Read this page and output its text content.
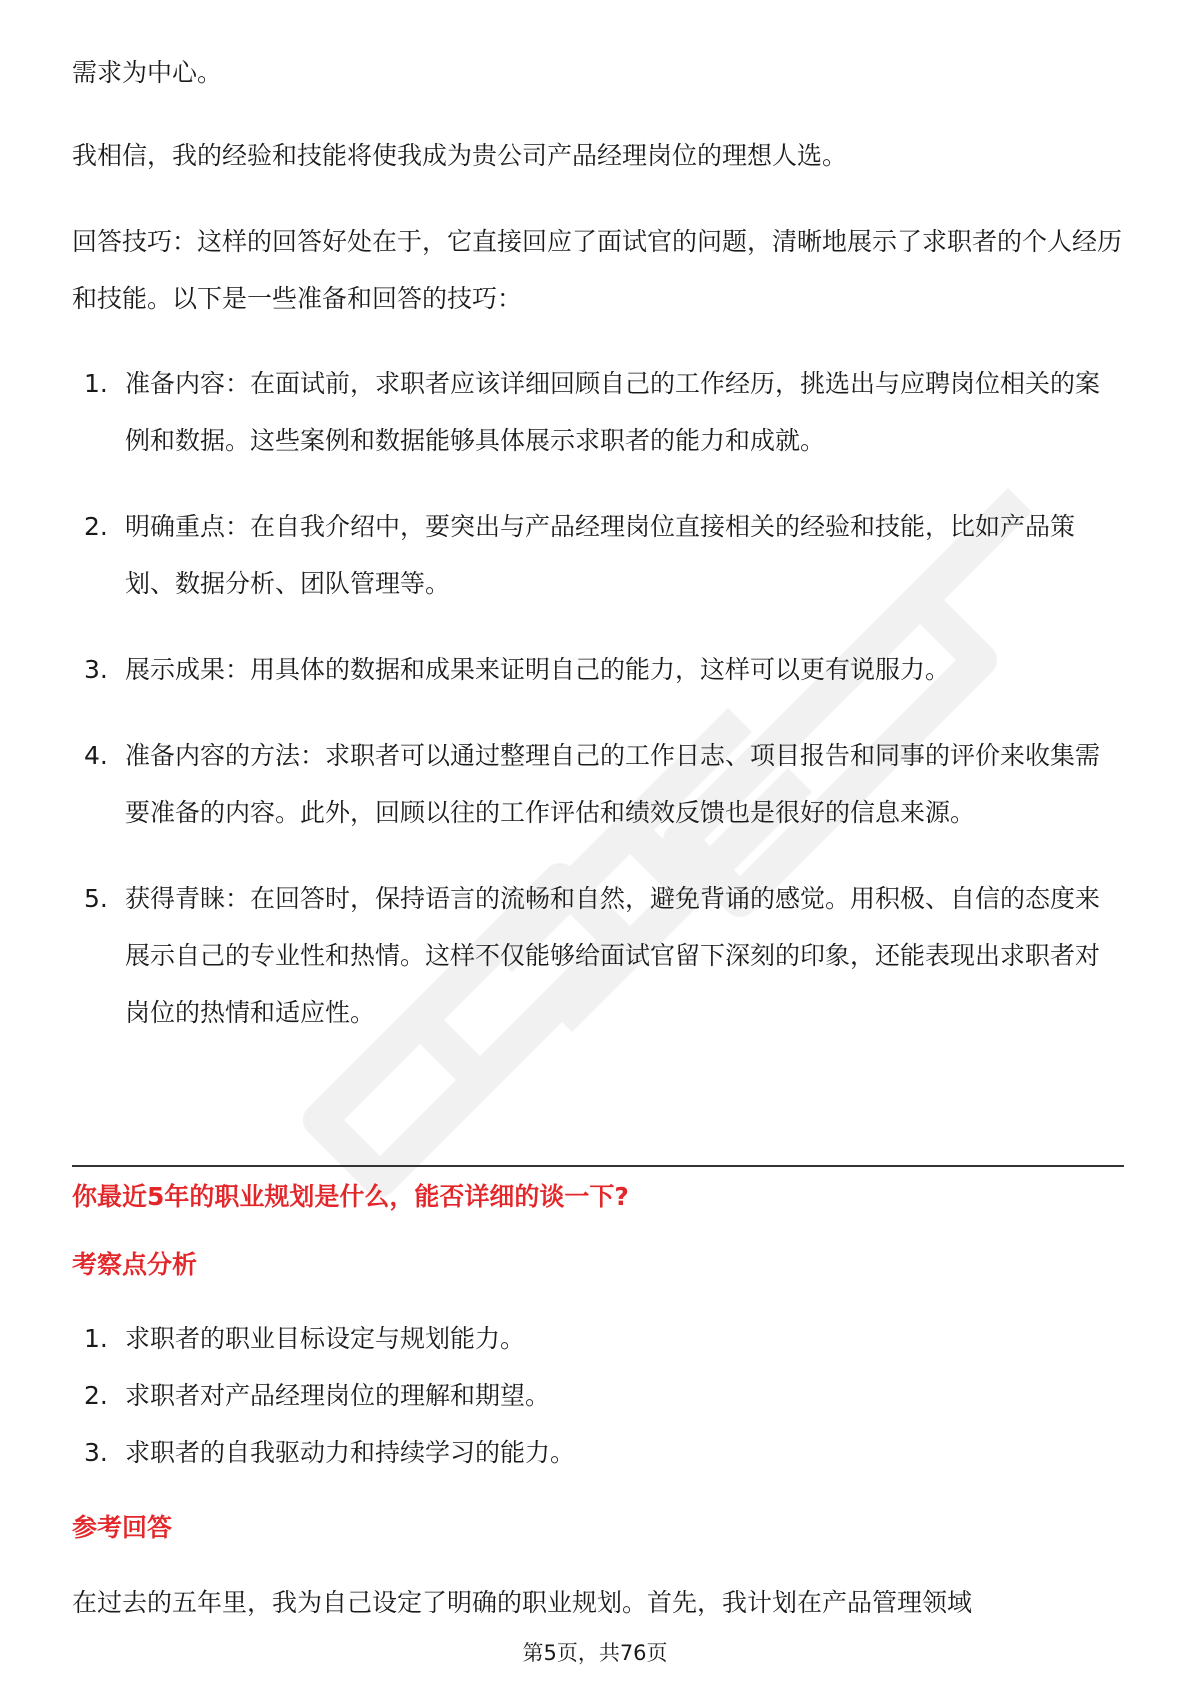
需求为中心。

我相信，我的经验和技能将使我成为贵公司产品经理岗位的理想人选。

回答技巧：这样的回答好处在于，它直接回应了面试官的问题，清晰地展示了求职者的个人经历和技能。以下是一些准备和回答的技巧：

1. 准备内容：在面试前，求职者应该详细回顾自己的工作经历，挑选出与应聘岗位相关的案例和数据。这些案例和数据能够具体展示求职者的能力和成就。
2. 明确重点：在自我介绍中，要突出与产品经理岗位直接相关的经验和技能，比如产品策划、数据分析、团队管理等。
3. 展示成果：用具体的数据和成果来证明自己的能力，这样可以更有说服力。
4. 准备内容的方法：求职者可以通过整理自己的工作日志、项目报告和同事的评价来收集需要准备的内容。此外，回顾以往的工作评估和绩效反馈也是很好的信息来源。
5. 获得青睐：在回答时，保持语言的流畅和自然，避免背诵的感觉。用积极、自信的态度来展示自己的专业性和热情。这样不仅能够给面试官留下深刻的印象，还能表现出求职者对岗位的热情和适应性。
你最近5年的职业规划是什么，能否详细的谈一下?
考察点分析
1. 求职者的职业目标设定与规划能力。
2. 求职者对产品经理岗位的理解和期望。
3. 求职者的自我驱动力和持续学习的能力。
参考回答

在过去的五年里，我为自己设定了明确的职业规划。首先，我计划在产品管理领域

第5页，共76页
